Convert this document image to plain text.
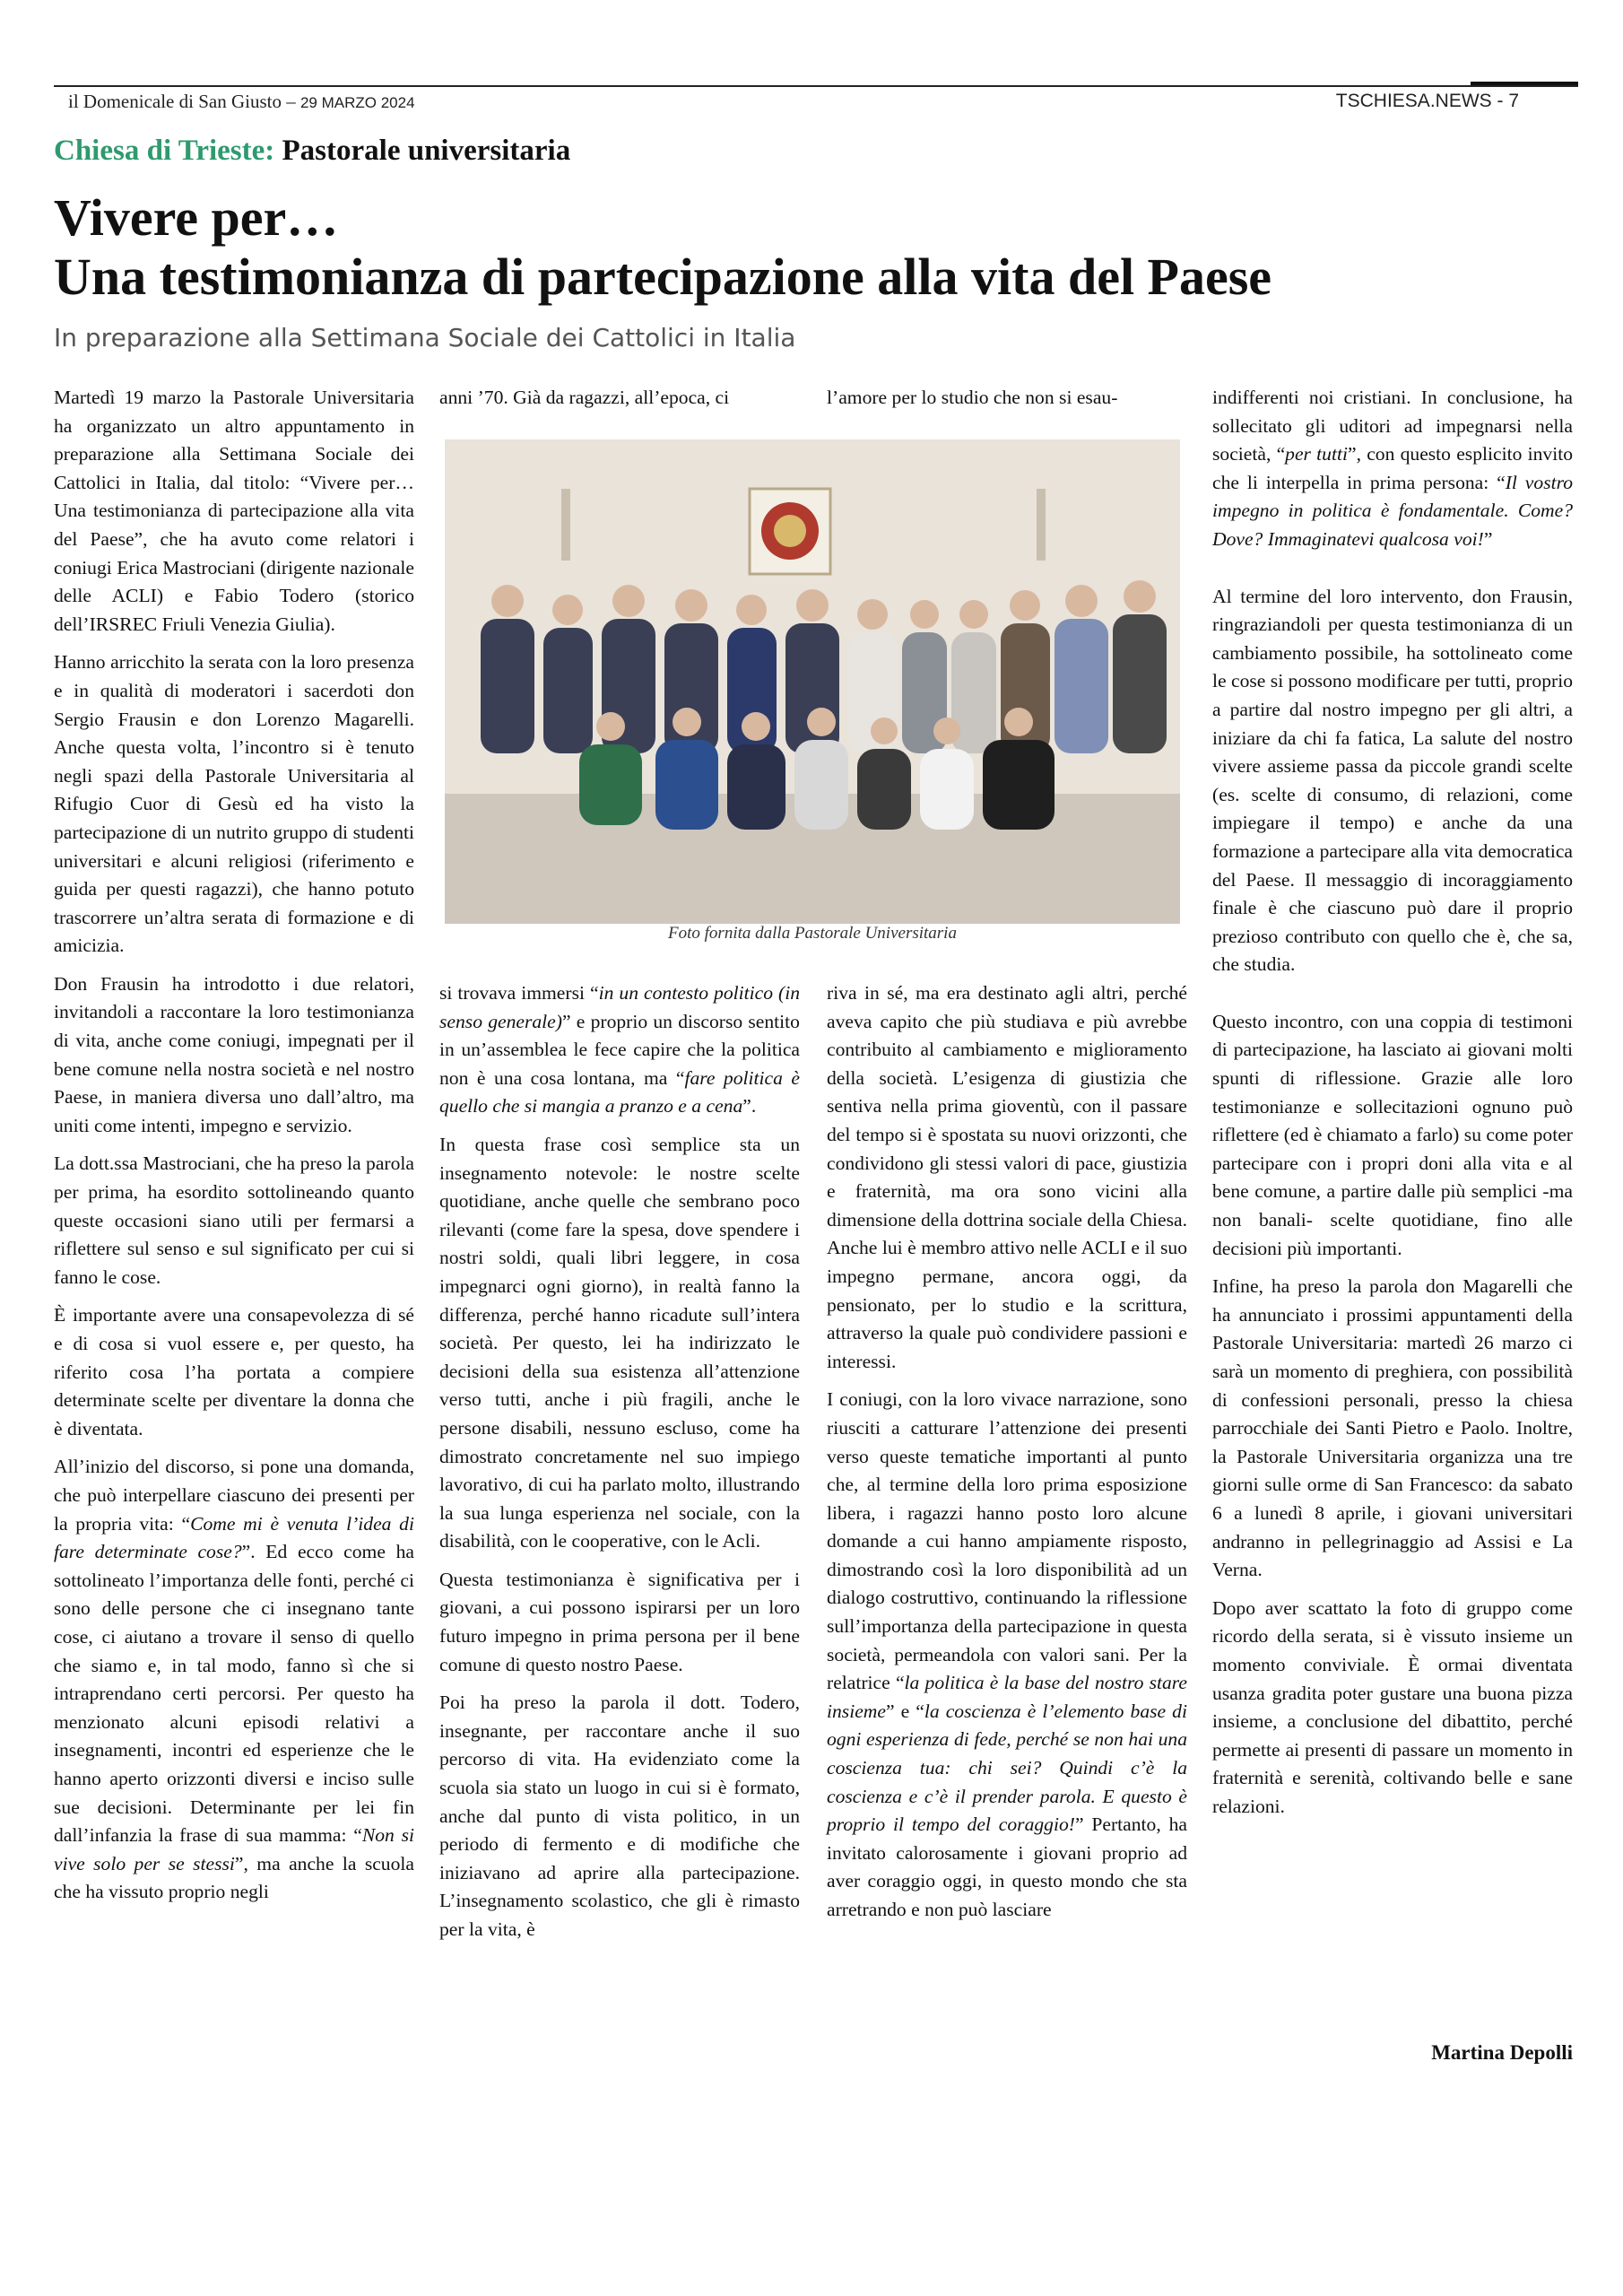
il Domenicale di San Giusto – 29 MARZO 2024	TSCHIESA.NEWS - 7
Chiesa di Trieste: Pastorale universitaria
Vivere per…
Una testimonianza di partecipazione alla vita del Paese
In preparazione alla Settimana Sociale dei Cattolici in Italia

Martedì 19 marzo la Pastorale Universitaria ha organizzato un altro appuntamento in preparazione alla Settimana Sociale dei Cattolici in Italia, dal titolo: “Vivere per… Una testimonianza di partecipazione alla vita del Paese”, che ha avuto come relatori i coniugi Erica Mastrociani (dirigente nazionale delle ACLI) e Fabio Todero (storico dell’IRSREC Friuli Venezia Giulia).

Hanno arricchito la serata con la loro presenza e in qualità di moderatori i sacerdoti don Sergio Frausin e don Lorenzo Magarelli. Anche questa volta, l’incontro si è tenuto negli spazi della Pastorale Universitaria al Rifugio Cuor di Gesù ed ha visto la partecipazione di un nutrito gruppo di studenti universitari e alcuni religiosi (riferimento e guida per questi ragazzi), che hanno potuto trascorrere un’altra serata di formazione e di amicizia.

Don Frausin ha introdotto i due relatori, invitandoli a raccontare la loro testimonianza di vita, anche come coniugi, impegnati per il bene comune nella nostra società e nel nostro Paese, in maniera diversa uno dall’altro, ma uniti come intenti, impegno e servizio.

La dott.ssa Mastrociani, che ha preso la parola per prima, ha esordito sottolineando quanto queste occasioni siano utili per fermarsi a riflettere sul senso e sul significato per cui si fanno le cose.

È importante avere una consapevolezza di sé e di cosa si vuol essere e, per questo, ha riferito cosa l’ha portata a compiere determinate scelte per diventare la donna che è diventata.

All’inizio del discorso, si pone una domanda, che può interpellare ciascuno dei presenti per la propria vita: “Come mi è venuta l’idea di fare determinate cose?”. Ed ecco come ha sottolineato l’importanza delle fonti, perché ci sono delle persone che ci insegnano tante cose, ci aiutano a trovare il senso di quello che siamo e, in tal modo, fanno sì che si intraprendano certi percorsi. Per questo ha menzionato alcuni episodi relativi a insegnamenti, incontri ed esperienze che le hanno aperto orizzonti diversi e inciso sulle sue decisioni. Determinante per lei fin dall’infanzia la frase di sua mamma: “Non si vive solo per se stessi”, ma anche la scuola che ha vissuto proprio negli

anni ’70. Già da ragazzi, all’epoca, ci

Foto fornita dalla Pastorale Universitaria

si trovava immersi “in un contesto politico (in senso generale)” e proprio un discorso sentito in un’assemblea le fece capire che la politica non è una cosa lontana, ma “fare politica è quello che si mangia a pranzo e a cena”.

In questa frase così semplice sta un insegnamento notevole: le nostre scelte quotidiane, anche quelle che sembrano poco rilevanti (come fare la spesa, dove spendere i nostri soldi, quali libri leggere, in cosa impegnarci ogni giorno), in realtà fanno la differenza, perché hanno ricadute sull’intera società. Per questo, lei ha indirizzato le decisioni della sua esistenza all’attenzione verso tutti, anche i più fragili, anche le persone disabili, nessuno escluso, come ha dimostrato concretamente nel suo impiego lavorativo, di cui ha parlato molto, illustrando la sua lunga esperienza nel sociale, con la disabilità, con le cooperative, con le Acli.

Questa testimonianza è significativa per i giovani, a cui possono ispirarsi per un loro futuro impegno in prima persona per il bene comune di questo nostro Paese.

Poi ha preso la parola il dott. Todero, insegnante, per raccontare anche il suo percorso di vita. Ha evidenziato come la scuola sia stato un luogo in cui si è formato, anche dal punto di vista politico, in un periodo di fermento e di modifiche che iniziavano ad aprire alla partecipazione. L’insegnamento scolastico, che gli è rimasto per la vita, è

l’amore per lo studio che non si esau-

riva in sé, ma era destinato agli altri, perché aveva capito che più studiava e più avrebbe contribuito al cambiamento e miglioramento della società. L’esigenza di giustizia che sentiva nella prima gioventù, con il passare del tempo si è spostata su nuovi orizzonti, che condividono gli stessi valori di pace, giustizia e fraternità, ma ora sono vicini alla dimensione della dottrina sociale della Chiesa. Anche lui è membro attivo nelle ACLI e il suo impegno permane, ancora oggi, da pensionato, per lo studio e la scrittura, attraverso la quale può condividere passioni e interessi.

I coniugi, con la loro vivace narrazione, sono riusciti a catturare l’attenzione dei presenti verso queste tematiche importanti al punto che, al termine della loro prima esposizione libera, i ragazzi hanno posto loro alcune domande a cui hanno ampiamente risposto, dimostrando così la loro disponibilità ad un dialogo costruttivo, continuando la riflessione sull’importanza della partecipazione in questa società, permeandola con valori sani. Per la relatrice “la politica è la base del nostro stare insieme” e “la coscienza è l’elemento base di ogni esperienza di fede, perché se non hai una coscienza tua: chi sei? Quindi c’è la coscienza e c’è il prender parola. E questo è proprio il tempo del coraggio!” Pertanto, ha invitato calorosamente i giovani proprio ad aver coraggio oggi, in questo mondo che sta arretrando e non può lasciare

indifferenti noi cristiani. In conclusione, ha sollecitato gli uditori ad impegnarsi nella società, “per tutti”, con questo esplicito invito che li interpella in prima persona: “Il vostro impegno in politica è fondamentale. Come? Dove? Immaginatevi qualcosa voi!”

Al termine del loro intervento, don Frausin, ringraziandoli per questa testimonianza di un cambiamento possibile, ha sottolineato come le cose si possono modificare per tutti, proprio a partire dal nostro impegno per gli altri, a iniziare da chi fa fatica, La salute del nostro vivere assieme passa da piccole grandi scelte (es. scelte di consumo, di relazioni, come impiegare il tempo) e anche da una formazione a partecipare alla vita democratica del Paese. Il messaggio di incoraggiamento finale è che ciascuno può dare il proprio prezioso contributo con quello che è, che sa, che studia.

Questo incontro, con una coppia di testimoni di partecipazione, ha lasciato ai giovani molti spunti di riflessione. Grazie alle loro testimonianze e sollecitazioni ognuno può riflettere (ed è chiamato a farlo) su come poter partecipare con i propri doni alla vita e al bene comune, a partire dalle più semplici -ma non banali- scelte quotidiane, fino alle decisioni più importanti.

Infine, ha preso la parola don Magarelli che ha annunciato i prossimi appuntamenti della Pastorale Universitaria: martedì 26 marzo ci sarà un momento di preghiera, con possibilità di confessioni personali, presso la chiesa parrocchiale dei Santi Pietro e Paolo. Inoltre, la Pastorale Universitaria organizza una tre giorni sulle orme di San Francesco: da sabato 6 a lunedì 8 aprile, i giovani universitari andranno in pellegrinaggio ad Assisi e La Verna.

Dopo aver scattato la foto di gruppo come ricordo della serata, si è vissuto insieme un momento conviviale. È ormai diventata usanza gradita poter gustare una buona pizza insieme, a conclusione del dibattito, perché permette ai presenti di passare un momento in fraternità e serenità, coltivando belle e sane relazioni.

Martina Depolli
